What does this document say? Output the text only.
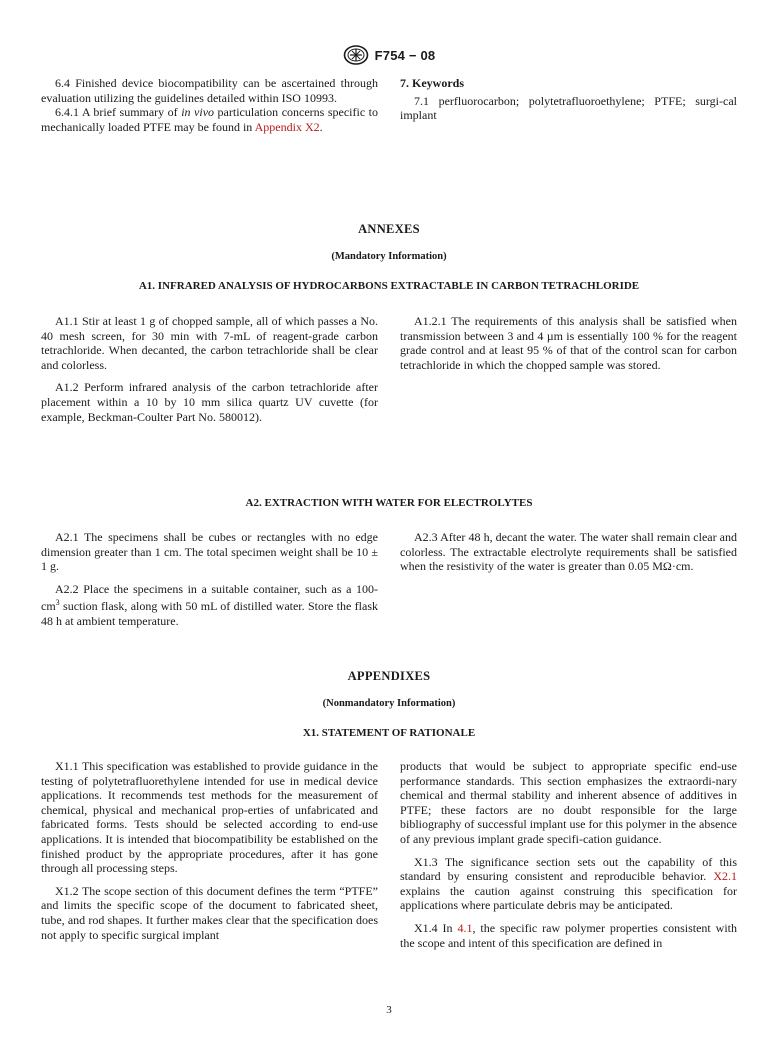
F754 − 08

6.4 Finished device biocompatibility can be ascertained through evaluation utilizing the guidelines detailed within ISO 10993.

6.4.1 A brief summary of in vivo particulation concerns specific to mechanically loaded PTFE may be found in Appendix X2.

7. Keywords

7.1 perfluorocarbon; polytetrafluoroethylene; PTFE; surgi-cal implant

ANNEXES
(Mandatory Information)
A1. INFRARED ANALYSIS OF HYDROCARBONS EXTRACTABLE IN CARBON TETRACHLORIDE

A1.1 Stir at least 1 g of chopped sample, all of which passes a No. 40 mesh screen, for 30 min with 7-mL of reagent-grade carbon tetrachloride. When decanted, the carbon tetrachloride shall be clear and colorless.

A1.2 Perform infrared analysis of the carbon tetrachloride after placement within a 10 by 10 mm silica quartz UV cuvette (for example, Beckman-Coulter Part No. 580012).

A1.2.1 The requirements of this analysis shall be satisfied when transmission between 3 and 4 µm is essentially 100 % for the reagent grade control and at least 95 % of that of the control scan for carbon tetrachloride in which the chopped sample was stored.

A2. EXTRACTION WITH WATER FOR ELECTROLYTES

A2.1 The specimens shall be cubes or rectangles with no edge dimension greater than 1 cm. The total specimen weight shall be 10 ± 1 g.

A2.2 Place the specimens in a suitable container, such as a $100-cm^3$ suction flask, along with 50 mL of distilled water. Store the flask 48 h at ambient temperature.

A2.3 After 48 h, decant the water. The water shall remain clear and colorless. The extractable electrolyte requirements shall be satisfied when the resistivity of the water is greater than 0.05 MΩ·cm.

APPENDIXES
(Nonmandatory Information)
X1. STATEMENT OF RATIONALE

X1.1 This specification was established to provide guidance in the testing of polytetrafluorethylene intended for use in medical device applications. It recommends test methods for the measurement of chemical, physical and mechanical prop-erties of unfabricated and fabricated forms. Tests should be selected according to end-use applications. It is intended that biocompatibility be established on the finished product by the appropriate procedures, after it has gone through all processing steps.

X1.2 The scope section of this document defines the term “PTFE” and limits the specific scope of the document to fabricated sheet, tube, and rod shapes. It further makes clear that the specification does not apply to specific surgical implant

products that would be subject to appropriate specific end-use performance standards. This section emphasizes the extraordi-nary chemical and thermal stability and inherent absence of additives in PTFE; these factors are no doubt responsible for the large bibliography of successful implant use for this polymer in the absence of any previous implant grade specifi-cation guidance.

X1.3 The significance section sets out the capability of this standard by ensuring consistent and reproducible behavior. X2.1 explains the caution against construing this specification for applications where particulate debris may be anticipated.

X1.4 In 4.1, the specific raw polymer properties consistent with the scope and intent of this specification are defined in

3
